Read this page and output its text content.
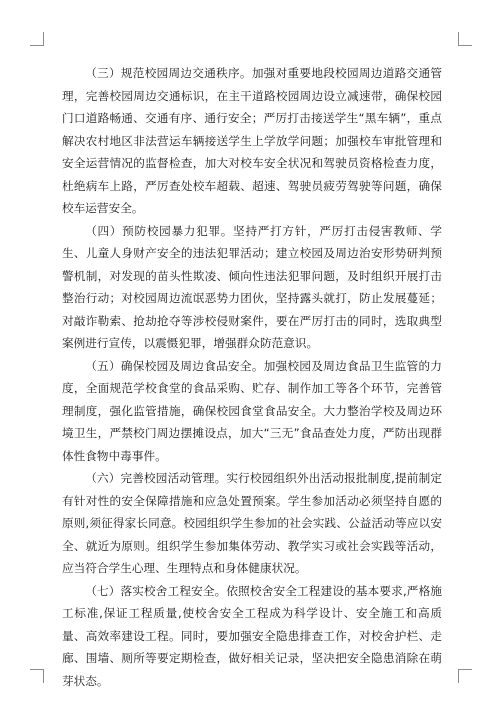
（三）规范校园周边交通秩序。加强对重要地段校园周边道路交通管理，完善校园周边交通标识，在主干道路校园周边设立减速带，确保校园门口道路畅通、交通有序、通行安全；严厉打击接送学生“黑车辆”，重点解决农村地区非法营运车辆接送学生上学放学问题；加强校车审批管理和安全运营情况的监督检查，加大对校车安全状况和驾驶员资格检查力度，杜绝病车上路，严厉查处校车超载、超速、驾驶员疲劳驾驶等问题，确保校车运营安全。

（四）预防校园暴力犯罪。坚持严打方针，严厉打击侵害教师、学生、儿童人身财产安全的违法犯罪活动；建立校园及周边治安形势研判预警机制，对发现的苗头性欺凌、倾向性违法犯罪问题，及时组织开展打击整治行动；对校园周边流氓恶势力团伙，坚持露头就打，防止发展蔓延；对敲诈勒索、抢劫抢夺等涉校侵财案件，要在严厉打击的同时，选取典型案例进行宣传，以震慑犯罪，增强群众防范意识。

（五）确保校园及周边食品安全。加强校园及周边食品卫生监管的力度，全面规范学校食堂的食品采购、贮存、制作加工等各个环节，完善管理制度，强化监管措施，确保校园食堂食品安全。大力整治学校及周边环境卫生，严禁校门周边摆摊设点，加大“三无”食品查处力度，严防出现群体性食物中毒事件。

（六）完善校园活动管理。实行校园组织外出活动报批制度,提前制定有针对性的安全保障措施和应急处置预案。学生参加活动必须坚持自愿的原则,须征得家长同意。校园组织学生参加的社会实践、公益活动等应以安全、就近为原则。组织学生参加集体劳动、教学实习或社会实践等活动，应当符合学生心理、生理特点和身体健康状况。

（七）落实校舍工程安全。依照校舍安全工程建设的基本要求,严格施工标准,保证工程质量,使校舍安全工程成为科学设计、安全施工和高质量、高效率建设工程。同时，要加强安全隐患排查工作，对校舍护栏、走廊、围墙、厕所等要定期检查，做好相关记录，坚决把安全隐患消除在萌芽状态。
